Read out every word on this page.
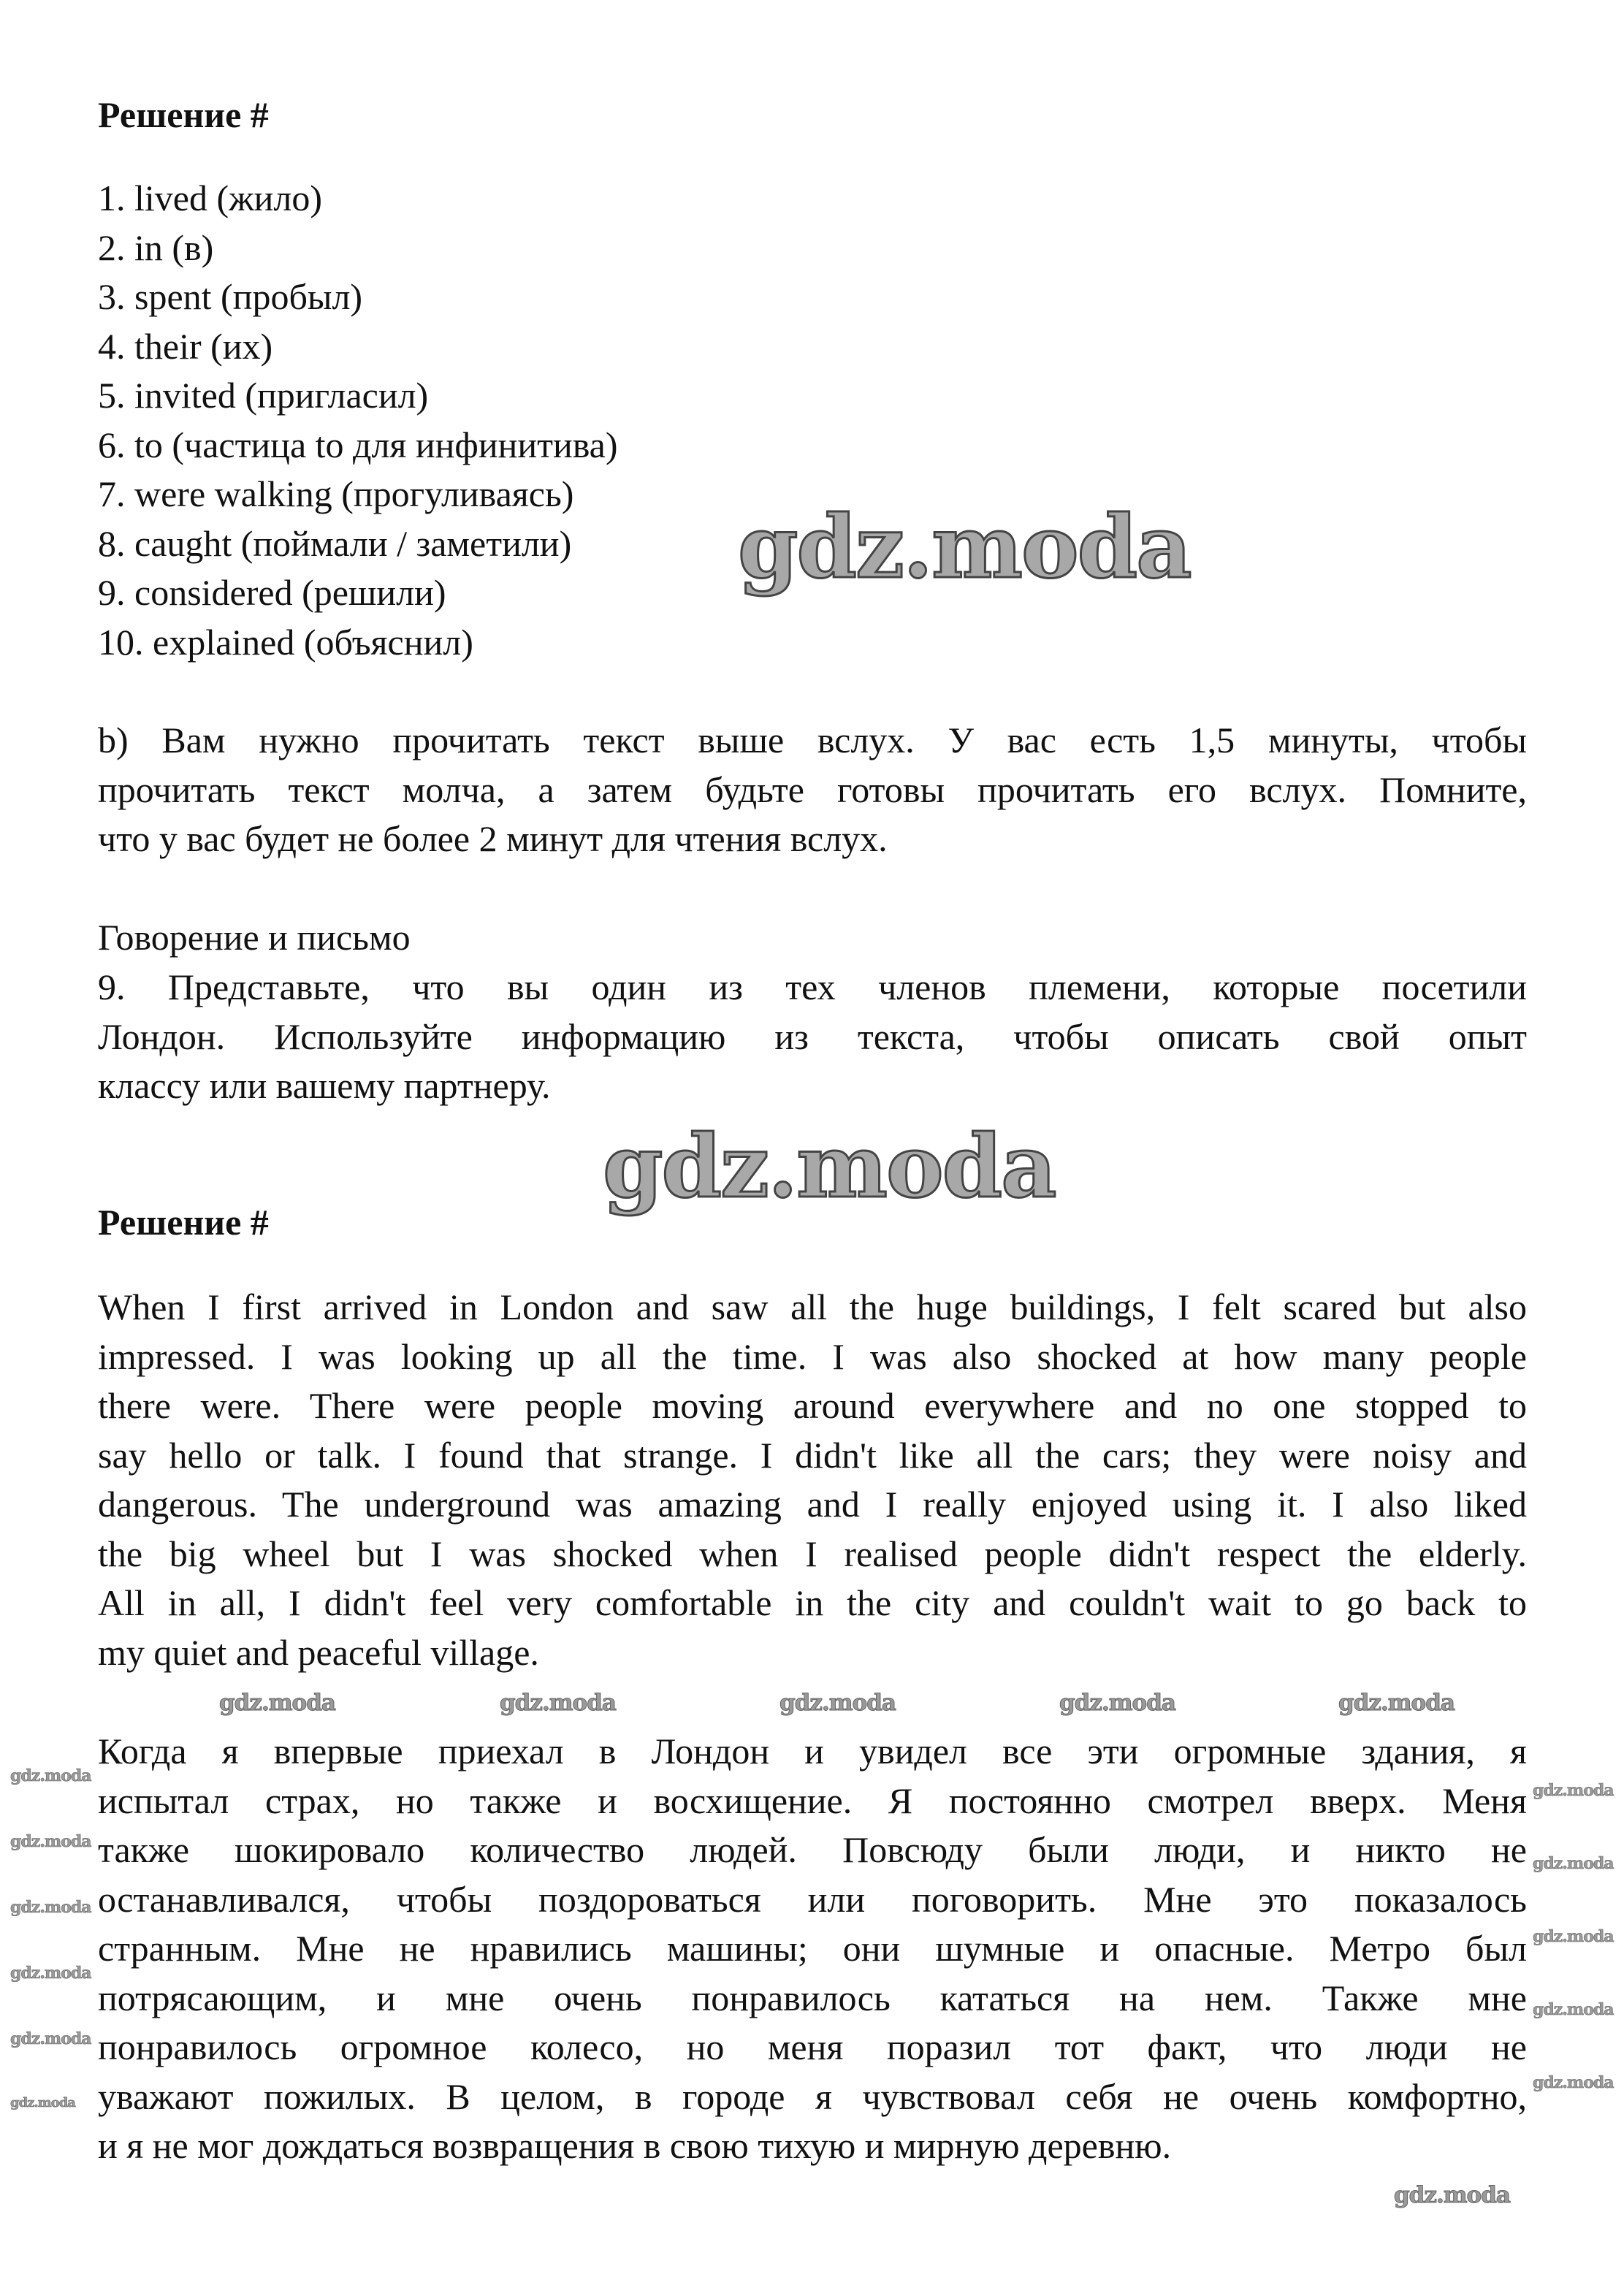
Решение #
1. lived (жило)
2. in (в)
3. spent (пробыл)
4. their (их)
5. invited (пригласил)
6. to (частица to для инфинитива)
7. were walking (прогуливаясь)
8. caught (поймали / заметили)
9. considered (решили)
10. explained (объяснил)
b) Вам нужно прочитать текст выше вслух. У вас есть 1,5 минуты, чтобы
прочитать текст молча, а затем будьте готовы прочитать его вслух. Помните,
что у вас будет не более 2 минут для чтения вслух.
Говорение и письмо
9. Представьте, что вы один из тех членов племени, которые посетили
Лондон. Используйте информацию из текста, чтобы описать свой опыт
классу или вашему партнеру.
Решение #
When I first arrived in London and saw all the huge buildings, I felt scared but also
impressed. I was looking up all the time. I was also shocked at how many people
there were. There were people moving around everywhere and no one stopped to
say hello or talk. I found that strange. I didn't like all the cars; they were noisy and
dangerous. The underground was amazing and I really enjoyed using it. I also liked
the big wheel but I was shocked when I realised people didn't respect the elderly.
All in all, I didn't feel very comfortable in the city and couldn't wait to go back to
my quiet and peaceful village.
Когда я впервые приехал в Лондон и увидел все эти огромные здания, я
испытал страх, но также и восхищение. Я постоянно смотрел вверх. Меня
также шокировало количество людей. Повсюду были люди, и никто не
останавливался, чтобы поздороваться или поговорить. Мне это показалось
странным. Мне не нравились машины; они шумные и опасные. Метро был
потрясающим, и мне очень понравилось кататься на нем. Также мне
понравилось огромное колесо, но меня поразил тот факт, что люди не
уважают пожилых. В целом, в городе я чувствовал себя не очень комфортно,
и я не мог дождаться возвращения в свою тихую и мирную деревню.
gdz.moda
gdz.moda
gdz.moda	gdz.moda	gdz.moda	gdz.moda	gdz.moda
gdz.moda
gdz.moda
gdz.moda
gdz.moda
gdz.moda
gdz.moda
gdz.moda
gdz.moda
gdz.moda
gdz.moda
gdz.moda
gdz.moda
